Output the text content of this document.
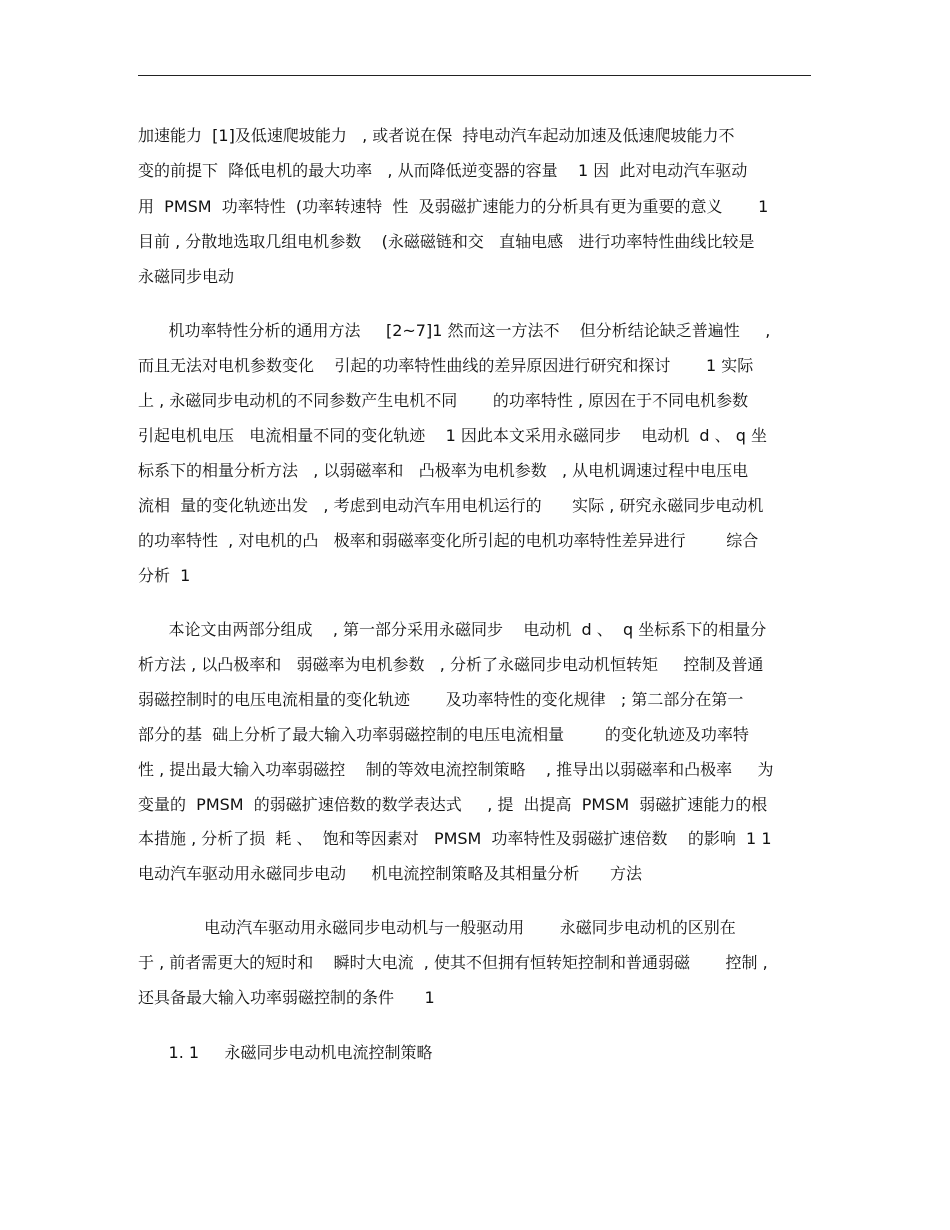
加速能力  [1]及低速爬坡能力   , 或者说在保  持电动汽车起动加速及低速爬坡能力不
变的前提下  降低电机的最大功率   , 从而降低逆变器的容量    1 因  此对电动汽车驱动
用  PMSM  功率特性  (功率转速特  性  及弱磁扩速能力的分析具有更为重要的意义       1
目前 , 分散地选取几组电机参数    (永磁磁链和交   直轴电感   进行功率特性曲线比较是
永磁同步电动
机功率特性分析的通用方法     [2~7]1 然而这一方法不    但分析结论缺乏普遍性     ,
而且无法对电机参数变化    引起的功率特性曲线的差异原因进行研究和探讨       1 实际
上 , 永磁同步电动机的不同参数产生电机不同       的功率特性 , 原因在于不同电机参数
引起电机电压   电流相量不同的变化轨迹    1 因此本文采用永磁同步    电动机  d 、 q 坐
标系下的相量分析方法   , 以弱磁率和   凸极率为电机参数   , 从电机调速过程中电压电
流相  量的变化轨迹出发   , 考虑到电动汽车用电机运行的      实际 , 研究永磁同步电动机
的功率特性  , 对电机的凸   极率和弱磁率变化所引起的电机功率特性差异进行        综合
分析  1
本论文由两部分组成    , 第一部分采用永磁同步    电动机  d 、  q 坐标系下的相量分
析方法 , 以凸极率和   弱磁率为电机参数   , 分析了永磁同步电动机恒转矩     控制及普通
弱磁控制时的电压电流相量的变化轨迹       及功率特性的变化规律   ; 第二部分在第一
部分的基  础上分析了最大输入功率弱磁控制的电压电流相量        的变化轨迹及功率特
性 , 提出最大输入功率弱磁控    制的等效电流控制策略    , 推导出以弱磁率和凸极率     为
变量的  PMSM  的弱磁扩速倍数的数学表达式     , 提  出提高  PMSM  弱磁扩速能力的根
本措施 , 分析了损  耗 、  饱和等因素对   PMSM  功率特性及弱磁扩速倍数    的影响  1 1
电动汽车驱动用永磁同步电动     机电流控制策略及其相量分析      方法
电动汽车驱动用永磁同步电动机与一般驱动用       永磁同步电动机的区别在
于 , 前者需更大的短时和    瞬时大电流  , 使其不但拥有恒转矩控制和普通弱磁       控制 ,
还具备最大输入功率弱磁控制的条件      1
1. 1     永磁同步电动机电流控制策略
